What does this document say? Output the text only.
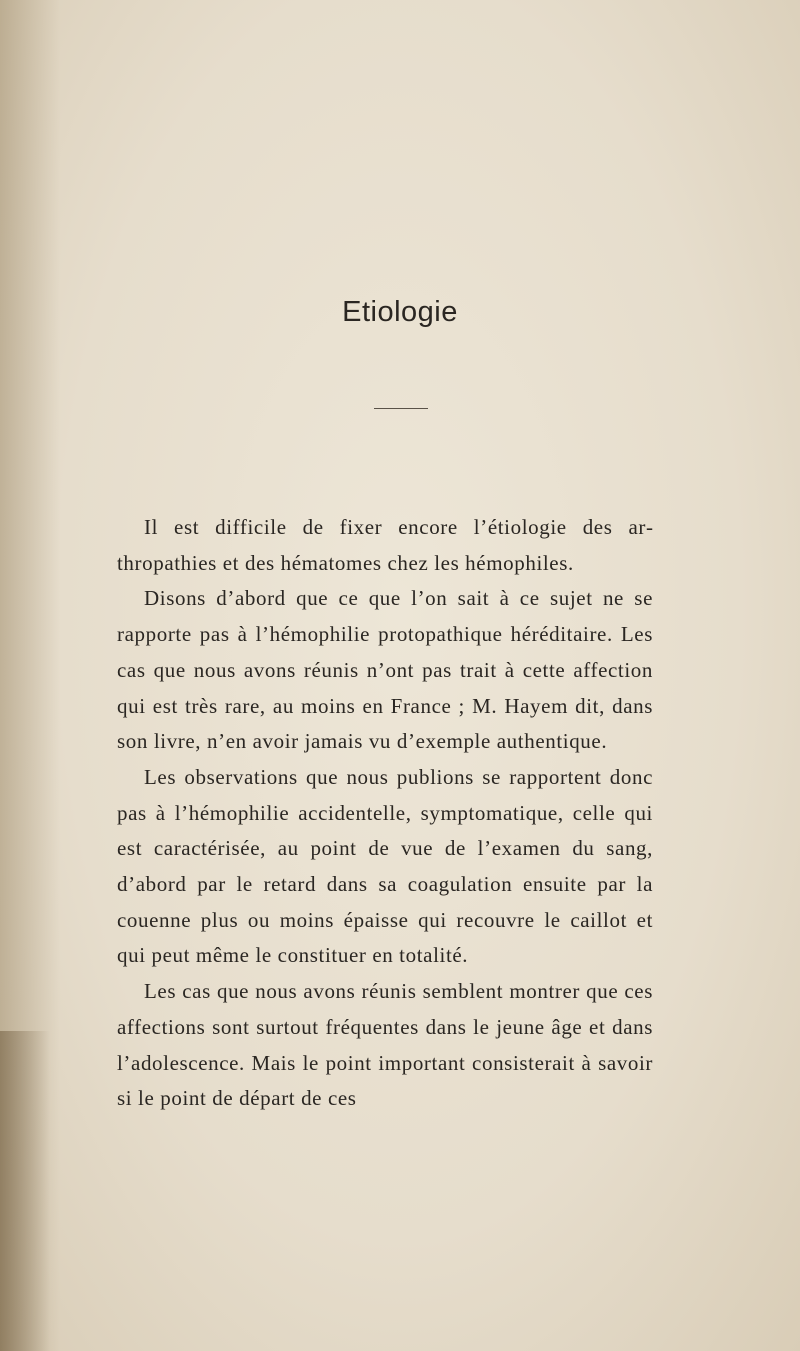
Etiologie

Il est difficile de fixer encore l’étiologie des arthropathies et des hématomes chez les hémophiles.

Disons d’abord que ce que l’on sait à ce sujet ne se rapporte pas à l’hémophilie protopathique héréditaire. Les cas que nous avons réunis n’ont pas trait à cette affection qui est très rare, au moins en France ; M. Hayem dit, dans son livre, n’en avoir jamais vu d’exemple authentique.

Les observations que nous publions se rapportent donc pas à l’hémophilie accidentelle, symptomatique, celle qui est caractérisée, au point de vue de l’examen du sang, d’abord par le retard dans sa coagulation ensuite par la couenne plus ou moins épaisse qui recouvre le caillot et qui peut même le constituer en totalité.

Les cas que nous avons réunis semblent montrer que ces affections sont surtout fréquentes dans le jeune âge et dans l’adolescence. Mais le point important consisterait à savoir si le point de départ de ces
